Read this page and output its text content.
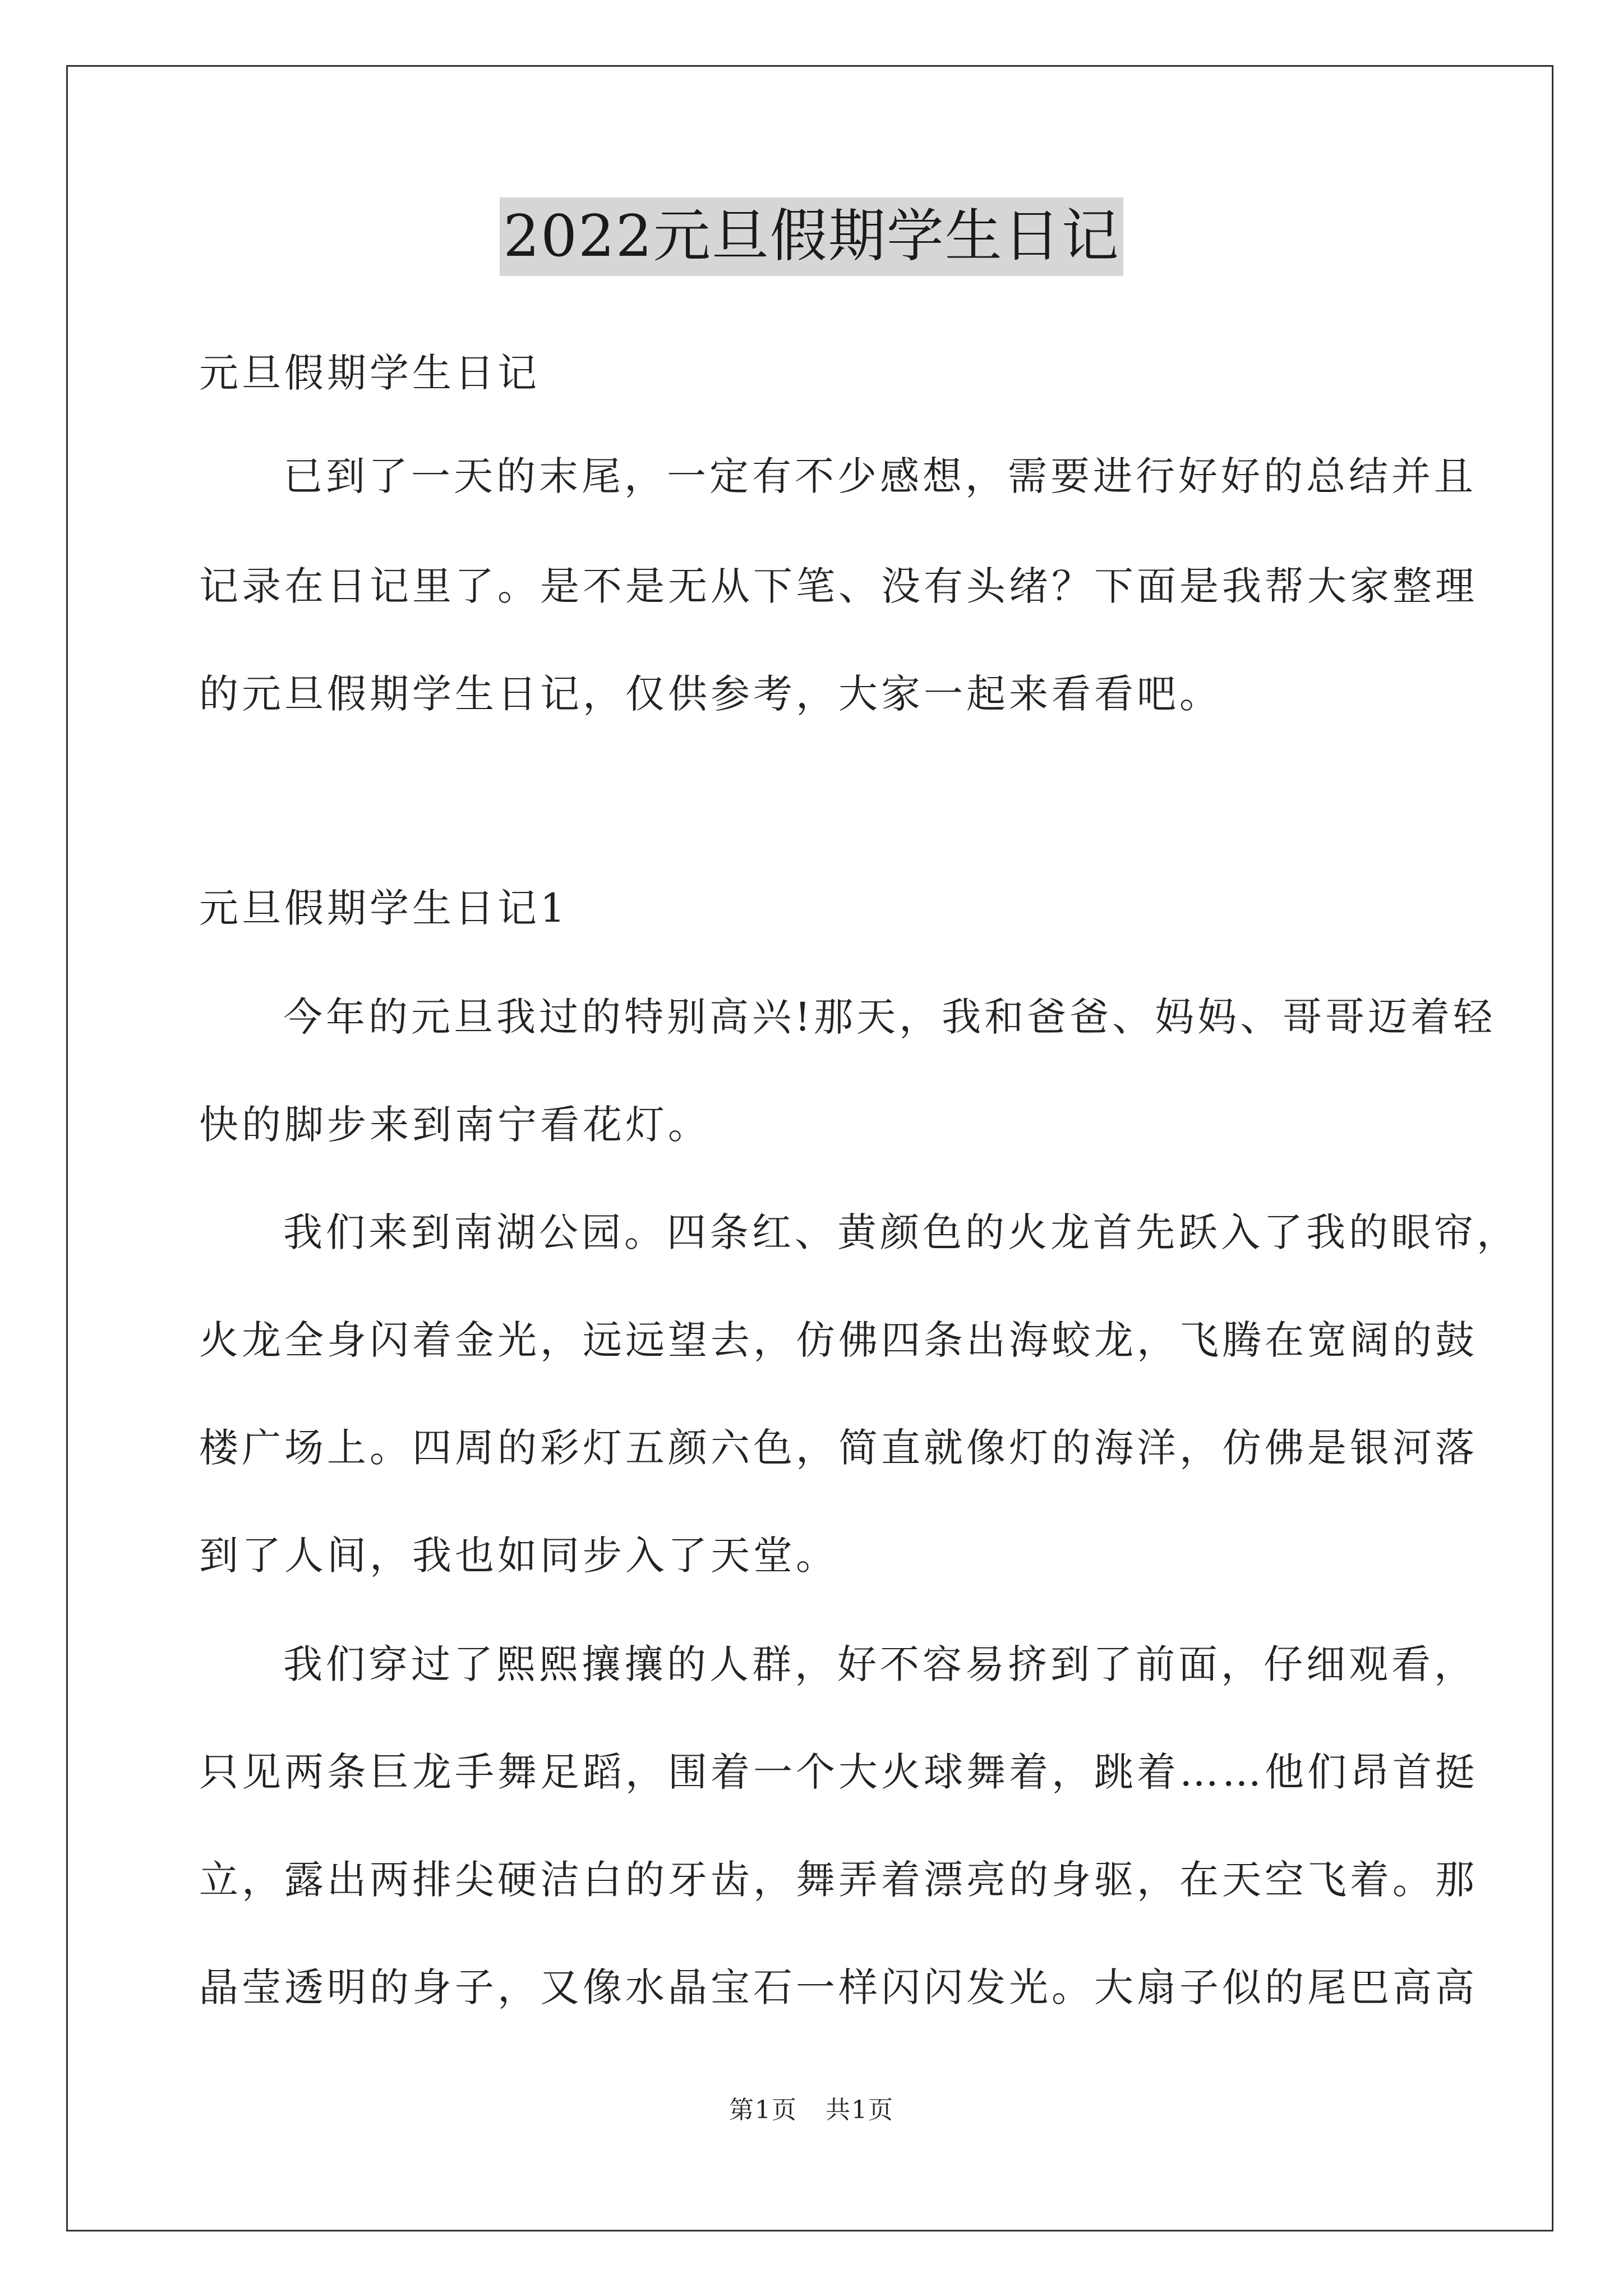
2022元旦假期学生日记
元旦假期学生日记
已到了一天的末尾，一定有不少感想，需要进行好好的总结并且
记录在日记里了。是不是无从下笔、没有头绪？下面是我帮大家整理
的元旦假期学生日记，仅供参考，大家一起来看看吧。
元旦假期学生日记1
今年的元旦我过的特别高兴!那天，我和爸爸、妈妈、哥哥迈着轻
快的脚步来到南宁看花灯。
我们来到南湖公园。四条红、黄颜色的火龙首先跃入了我的眼帘，
火龙全身闪着金光，远远望去，仿佛四条出海蛟龙，飞腾在宽阔的鼓
楼广场上。四周的彩灯五颜六色，简直就像灯的海洋，仿佛是银河落
到了人间，我也如同步入了天堂。
我们穿过了熙熙攘攘的人群，好不容易挤到了前面，仔细观看，
只见两条巨龙手舞足蹈，围着一个大火球舞着，跳着……他们昂首挺
立，露出两排尖硬洁白的牙齿，舞弄着漂亮的身驱，在天空飞着。那
晶莹透明的身子，又像水晶宝石一样闪闪发光。大扇子似的尾巴高高
第1页 共1页
